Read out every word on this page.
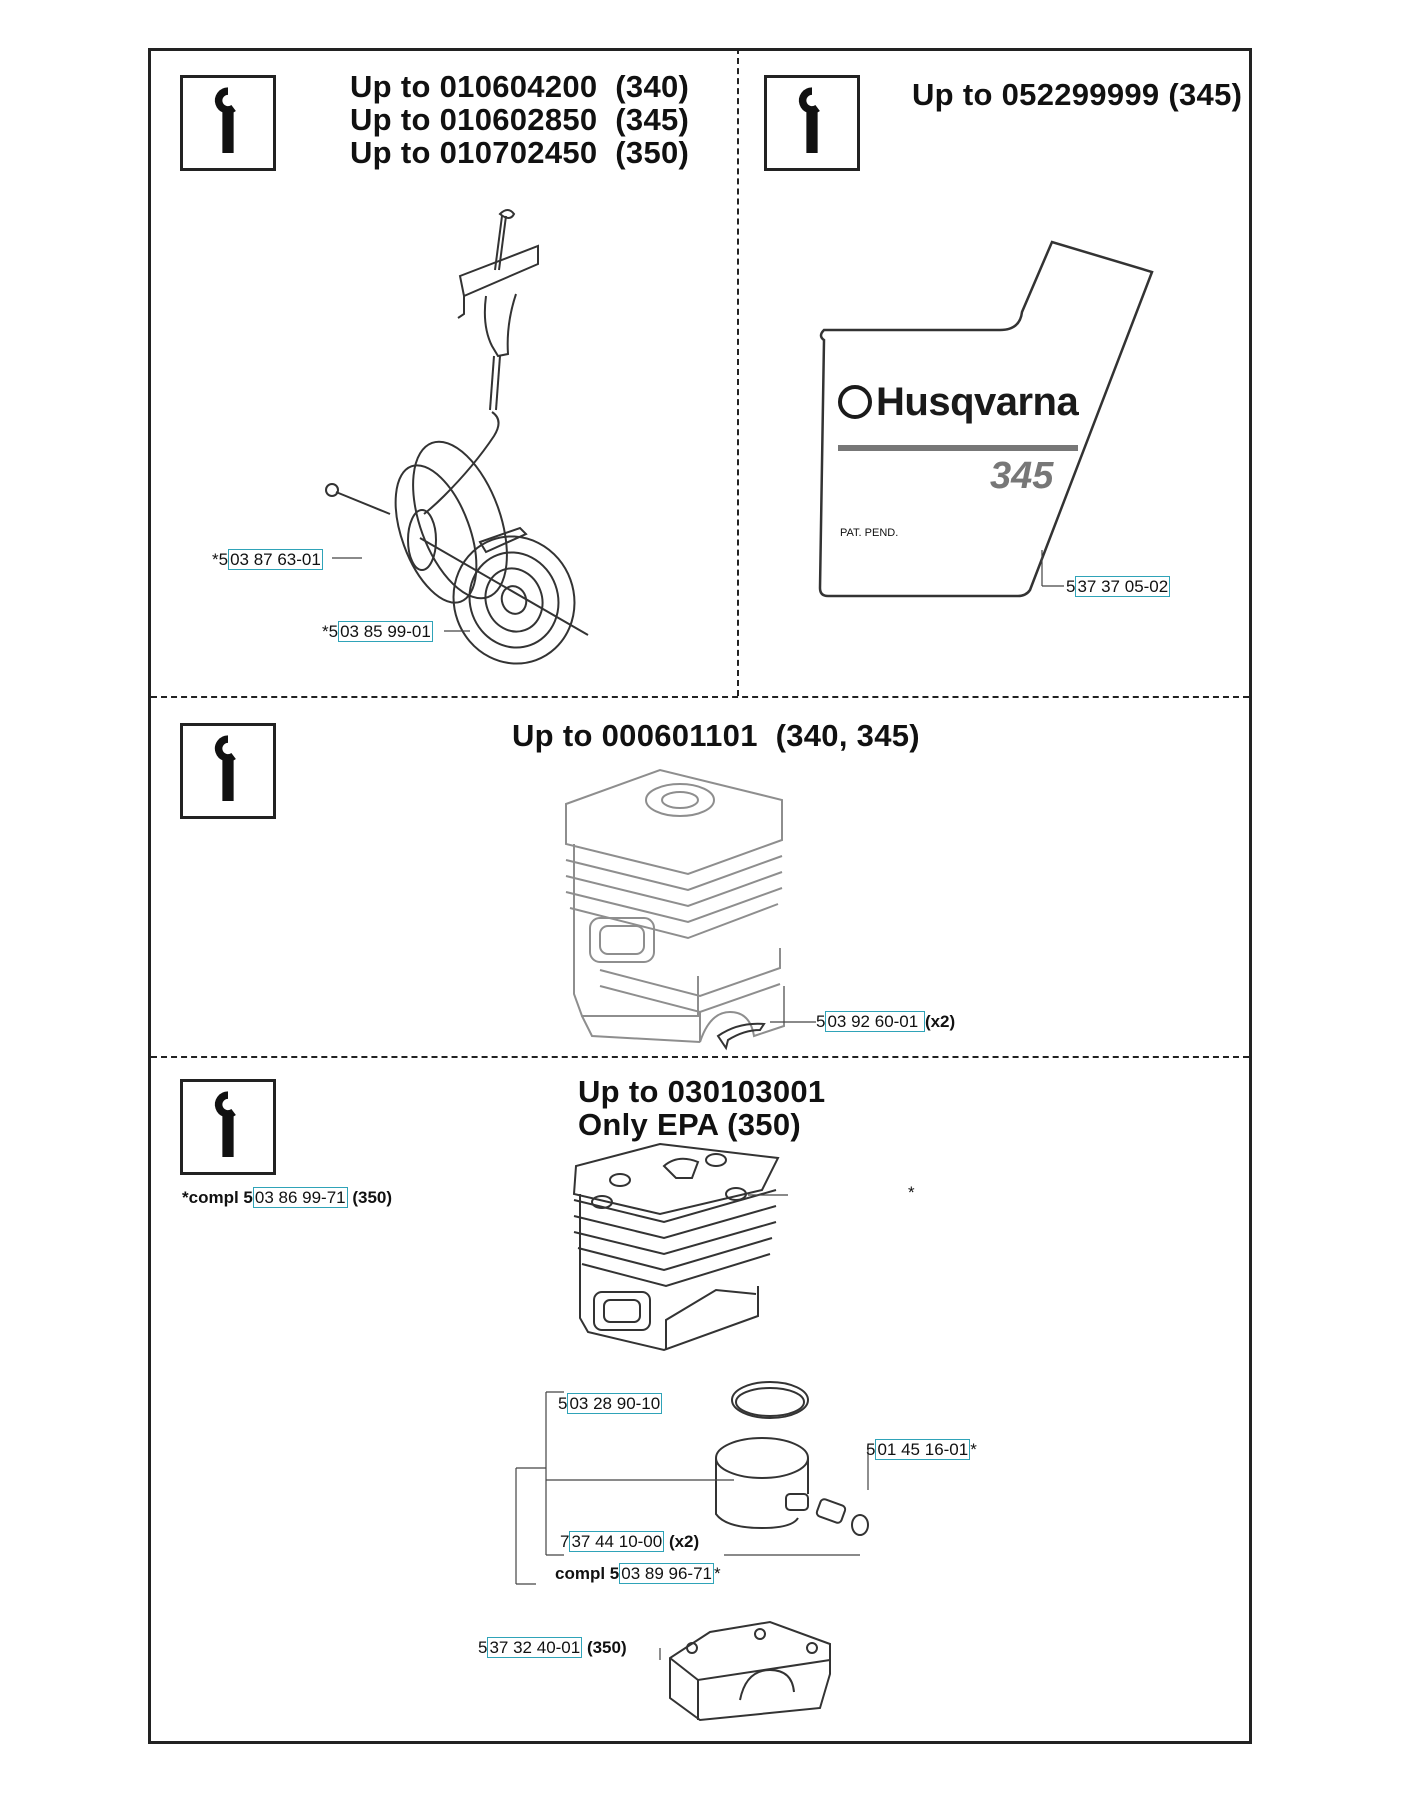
Up to 010604200  (340)
Up to 010602850  (345)
Up to 010702450  (350)
*5 03 87 63-01
*5 03 85 99-01
Up to 052299999 (345)
Husqvarna
345
PAT. PEND.
5 37 37 05-02
Up to 000601101  (340, 345)
5 03 92 60-01 (x2)
Up to 030103001
Only EPA (350)
*compl 5 03 86 99-71 (350)	*
5 03 28 90-10
5 01 45 16-01 *
7 37 44 10-00 (x2)
compl 5 03 89 96-71 *
5 37 32 40-01 (350)
